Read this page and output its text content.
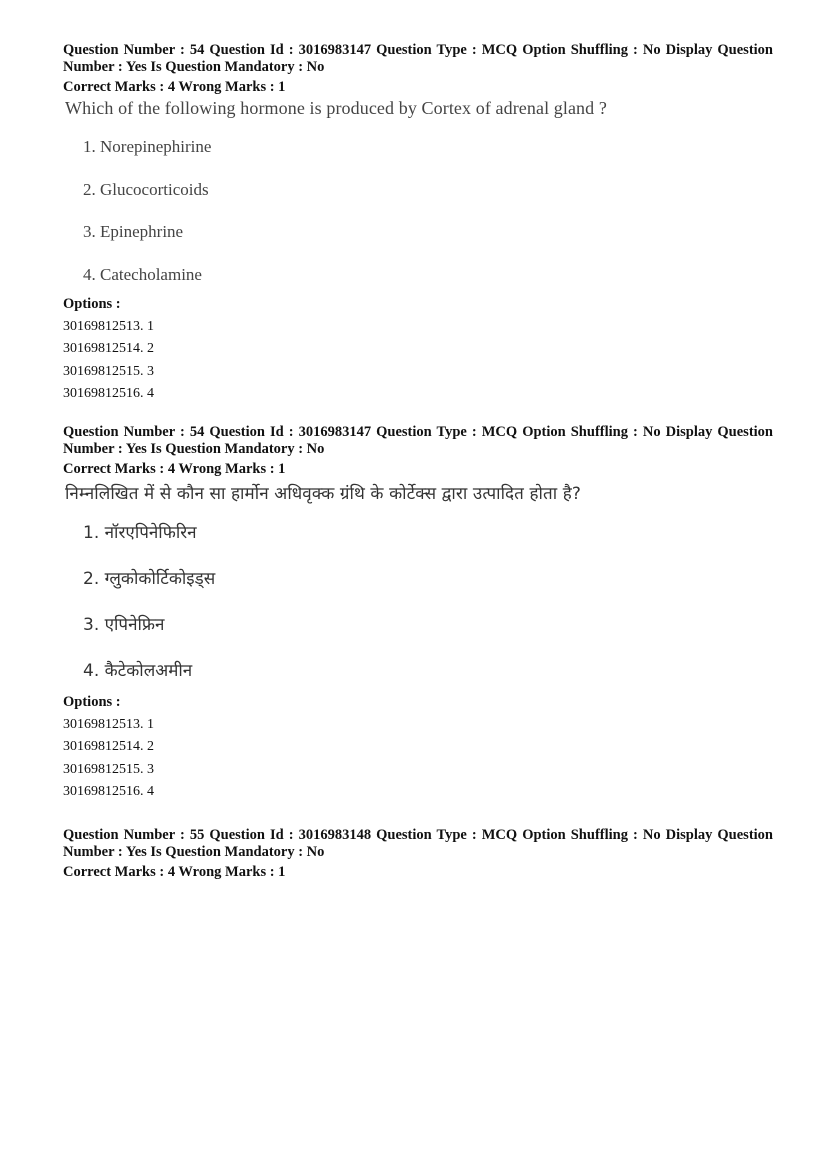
Question Number : 54 Question Id : 3016983147 Question Type : MCQ Option Shuffling : No Display Question Number : Yes Is Question Mandatory : No

Correct Marks : 4 Wrong Marks : 1

Which of the following hormone is produced by Cortex of adrenal gland ?

1. Norepinephirine
2. Glucocorticoids
3. Epinephrine
4. Catecholamine

Options :

30169812513. 1
30169812514. 2
30169812515. 3
30169812516. 4

Question Number : 54 Question Id : 3016983147 Question Type : MCQ Option Shuffling : No Display Question Number : Yes Is Question Mandatory : No

Correct Marks : 4 Wrong Marks : 1

निम्नलिखित में से कौन सा हार्मोन अधिवृक्क ग्रंथि के कोर्टेक्स द्वारा उत्पादित होता है?

1. नॉरएपिनेफिरिन
2. ग्लुकोकोर्टिकोइड्स
3. एपिनेफ्रिन
4. कैटेकोलअमीन

Options :

30169812513. 1
30169812514. 2
30169812515. 3
30169812516. 4

Question Number : 55 Question Id : 3016983148 Question Type : MCQ Option Shuffling : No Display Question Number : Yes Is Question Mandatory : No

Correct Marks : 4 Wrong Marks : 1
